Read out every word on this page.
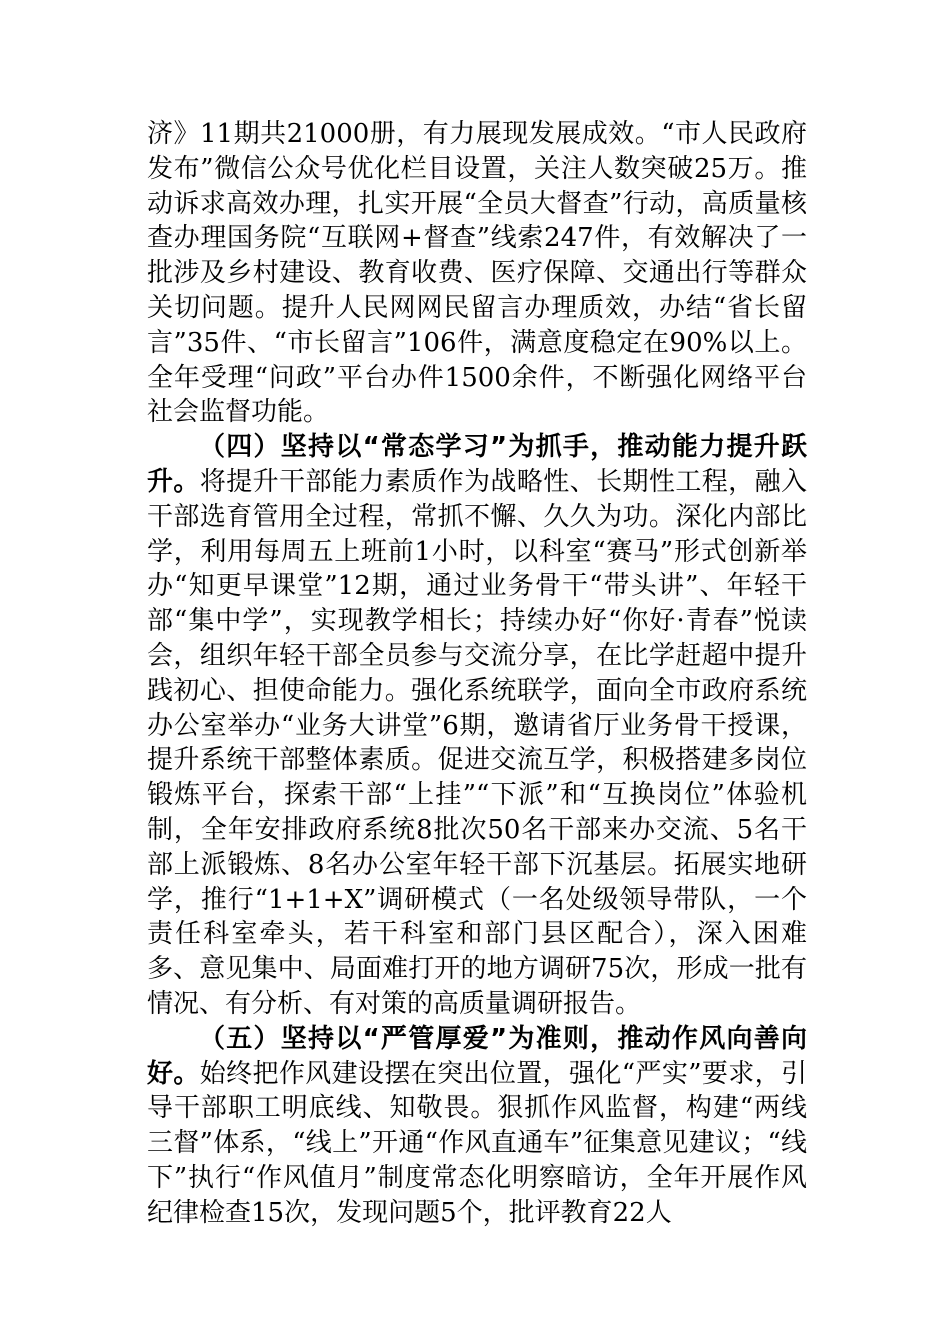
济》11期共21000册，有力展现发展成效。“市人民政府发布”微信公众号优化栏目设置，关注人数突破25万。推动诉求高效办理，扎实开展“全员大督查”行动，高质量核查办理国务院“互联网+督查”线索247件，有效解决了一批涉及乡村建设、教育收费、医疗保障、交通出行等群众关切问题。提升人民网网民留言办理质效，办结“省长留言”35件、“市长留言”106件，满意度稳定在90%以上。全年受理“问政”平台办件1500余件，不断强化网络平台社会监督功能。

（四）坚持以“常态学习”为抓手，推动能力提升跃升。将提升干部能力素质作为战略性、长期性工程，融入干部选育管用全过程，常抓不懈、久久为功。深化内部比学，利用每周五上班前1小时，以科室“赛马”形式创新举办“知更早课堂”12期，通过业务骨干“带头讲”、年轻干部“集中学”，实现教学相长；持续办好“你好·青春”悦读会，组织年轻干部全员参与交流分享，在比学赶超中提升践初心、担使命能力。强化系统联学，面向全市政府系统办公室举办“业务大讲堂”6期，邀请省厅业务骨干授课，提升系统干部整体素质。促进交流互学，积极搭建多岗位锻炼平台，探索干部“上挂”“下派”和“互换岗位”体验机制，全年安排政府系统8批次50名干部来办交流、5名干部上派锻炼、8名办公室年轻干部下沉基层。拓展实地研学，推行“1+1+X”调研模式（一名处级领导带队，一个责任科室牵头，若干科室和部门县区配合），深入困难多、意见集中、局面难打开的地方调研75次，形成一批有情况、有分析、有对策的高质量调研报告。

（五）坚持以“严管厚爱”为准则，推动作风向善向好。始终把作风建设摆在突出位置，强化“严实”要求，引导干部职工明底线、知敬畏。狠抓作风监督，构建“两线三督”体系，“线上”开通“作风直通车”征集意见建议；“线下”执行“作风值月”制度常态化明察暗访，全年开展作风纪律检查15次，发现问题5个，批评教育22人
